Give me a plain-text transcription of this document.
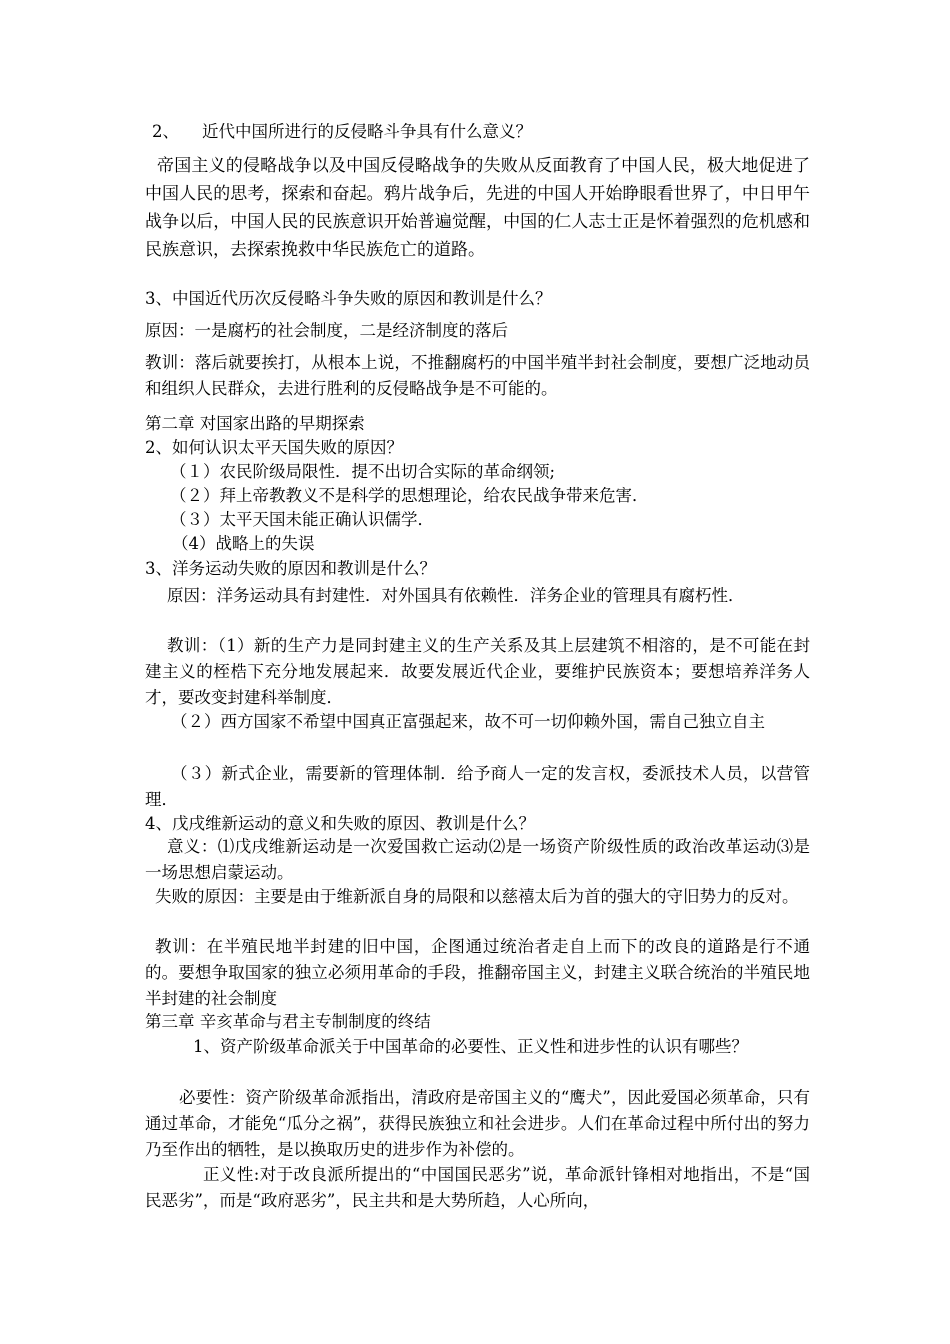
2、 近代中国所进行的反侵略斗争具有什么意义？

帝国主义的侵略战争以及中国反侵略战争的失败从反面教育了中国人民，极大地促进了中国人民的思考，探索和奋起。鸦片战争后，先进的中国人开始睁眼看世界了，中日甲午战争以后，中国人民的民族意识开始普遍觉醒，中国的仁人志士正是怀着强烈的危机感和民族意识，去探索挽救中华民族危亡的道路。

3、中国近代历次反侵略斗争失败的原因和教训是什么？

原因：一是腐朽的社会制度，二是经济制度的落后

教训：落后就要挨打，从根本上说，不推翻腐朽的中国半殖半封社会制度，要想广泛地动员和组织人民群众，去进行胜利的反侵略战争是不可能的。

第二章 对国家出路的早期探索

2、如何认识太平天国失败的原因？

（１）农民阶级局限性．提不出切合实际的革命纲领;

（２）拜上帝教教义不是科学的思想理论，给农民战争带来危害．

（３）太平天国未能正确认识儒学．

（4）战略上的失误

3、洋务运动失败的原因和教训是什么？

原因：洋务运动具有封建性．对外国具有依赖性．洋务企业的管理具有腐朽性．

教训：（1）新的生产力是同封建主义的生产关系及其上层建筑不相溶的，是不可能在封建主义的桎梏下充分地发展起来．故要发展近代企业，要维护民族资本；要想培养洋务人才，要改变封建科举制度．

（２）西方国家不希望中国真正富强起来，故不可一切仰赖外国，需自己独立自主

（３）新式企业，需要新的管理体制．给予商人一定的发言权，委派技术人员，以营管理．

4、戊戌维新运动的意义和失败的原因、教训是什么？

意义：⑴戊戌维新运动是一次爱国救亡运动⑵是一场资产阶级性质的政治改革运动⑶是一场思想启蒙运动。

失败的原因：主要是由于维新派自身的局限和以慈禧太后为首的强大的守旧势力的反对。

教训：在半殖民地半封建的旧中国，企图通过统治者走自上而下的改良的道路是行不通的。要想争取国家的独立必须用革命的手段，推翻帝国主义，封建主义联合统治的半殖民地半封建的社会制度

第三章 辛亥革命与君主专制制度的终结

1、资产阶级革命派关于中国革命的必要性、正义性和进步性的认识有哪些？

必要性：资产阶级革命派指出，清政府是帝国主义的“鹰犬”，因此爱国必须革命，只有通过革命，才能免“瓜分之祸”，获得民族独立和社会进步。人们在革命过程中所付出的努力乃至作出的牺牲，是以换取历史的进步作为补偿的。

正义性:对于改良派所提出的“中国国民恶劣”说，革命派针锋相对地指出，不是“国民恶劣”，而是“政府恶劣”，民主共和是大势所趋，人心所向，
